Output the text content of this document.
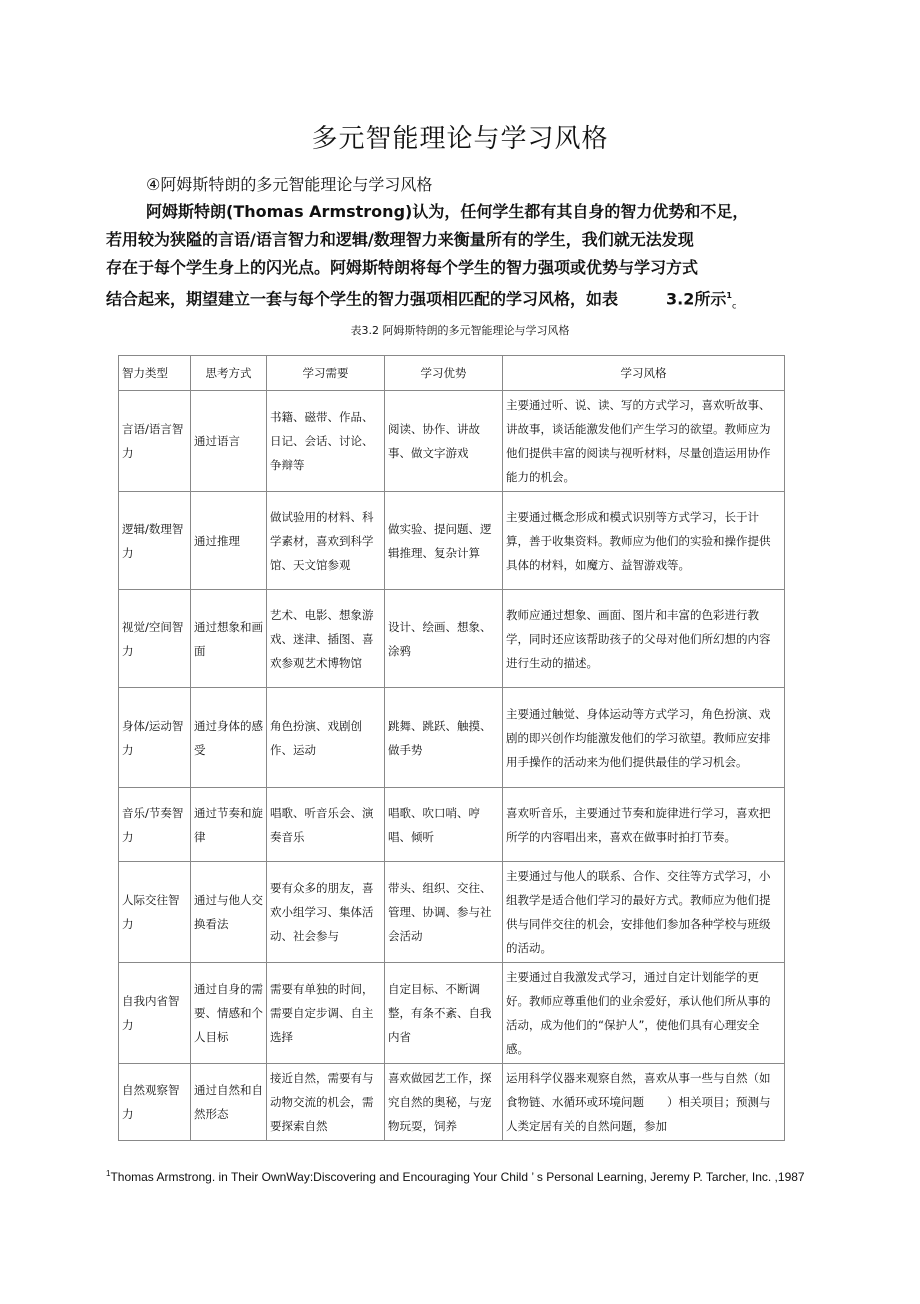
多元智能理论与学习风格
④阿姆斯特朗的多元智能理论与学习风格

阿姆斯特朗(Thomas Armstrong)认为，任何学生都有其自身的智力优势和不足，

若用较为狭隘的言语/语言智力和逻辑/数理智力来衡量所有的学生，我们就无法发现

存在于每个学生身上的闪光点。阿姆斯特朗将每个学生的智力强项或优势与学习方式

结合起来，期望建立一套与每个学生的智力强项相匹配的学习风格，如表	3.2所示$^1_c$

表3.2 阿姆斯特朗的多元智能理论与学习风格
智力类型	思考方式	学习需要	学习优势	学习风格
言语/语言智力	通过语言	书籍、磁带、作品、日记、会话、讨论、争辩等	阅读、协作、讲故事、做文字游戏	主要通过听、说、读、写的方式学习，喜欢听故事、讲故事，谈话能激发他们产生学习的欲望。教师应为他们提供丰富的阅读与视听材料，尽量创造运用协作能力的机会。
逻辑/数理智力	通过推理	做试验用的材料、科学素材，喜欢到科学馆、天文馆参观	做实验、提问题、逻辑推理、复杂计算	主要通过概念形成和模式识别等方式学习，长于计算，善于收集资料。教师应为他们的实验和操作提供具体的材料，如魔方、益智游戏等。
视觉/空间智力	通过想象和画面	艺术、电影、想象游戏、迷津、插图、喜欢参观艺术博物馆	设计、绘画、想象、涂鸦	教师应通过想象、画面、图片和丰富的色彩进行教学，同时还应该帮助孩子的父母对他们所幻想的内容进行生动的描述。
身体/运动智力	通过身体的感受	角色扮演、戏剧创作、运动	跳舞、跳跃、触摸、做手势	主要通过触觉、身体运动等方式学习，角色扮演、戏剧的即兴创作均能激发他们的学习欲望。教师应安排用手操作的活动来为他们提供最佳的学习机会。
音乐/节奏智力	通过节奏和旋律	唱歌、听音乐会、演奏音乐	唱歌、吹口哨、哼唱、倾听	喜欢听音乐，主要通过节奏和旋律进行学习，喜欢把所学的内容唱出来，喜欢在做事时拍打节奏。
人际交往智力	通过与他人交换看法	要有众多的朋友，喜欢小组学习、集体活动、社会参与	带头、组织、交往、管理、协调、参与社会活动	主要通过与他人的联系、合作、交往等方式学习，小组教学是适合他们学习的最好方式。教师应为他们提供与同伴交往的机会，安排他们参加各种学校与班级的活动。
自我内省智力	通过自身的需要、情感和个人目标	需要有单独的时间，需要自定步调、自主选择	自定目标、不断调整，有条不紊、自我内省	主要通过自我激发式学习，通过自定计划能学的更好。教师应尊重他们的业余爱好，承认他们所从事的活动，成为他们的“保护人”，使他们具有心理安全感。
自然观察智力	通过自然和自然形态	接近自然，需要有与动物交流的机会，需要探索自然	喜欢做园艺工作，探究自然的奥秘，与宠物玩耍，饲养	运用科学仪器来观察自然，喜欢从事一些与自然（如食物链、水循环或环境问题　　）相关项目；预测与人类定居有关的自然问题，参加
$^1$Thomas Armstrong. in Their OwnWay:Discovering and Encouraging Your Child ’ s Personal Learning, Jeremy P. Tarcher, Inc. ,1987
